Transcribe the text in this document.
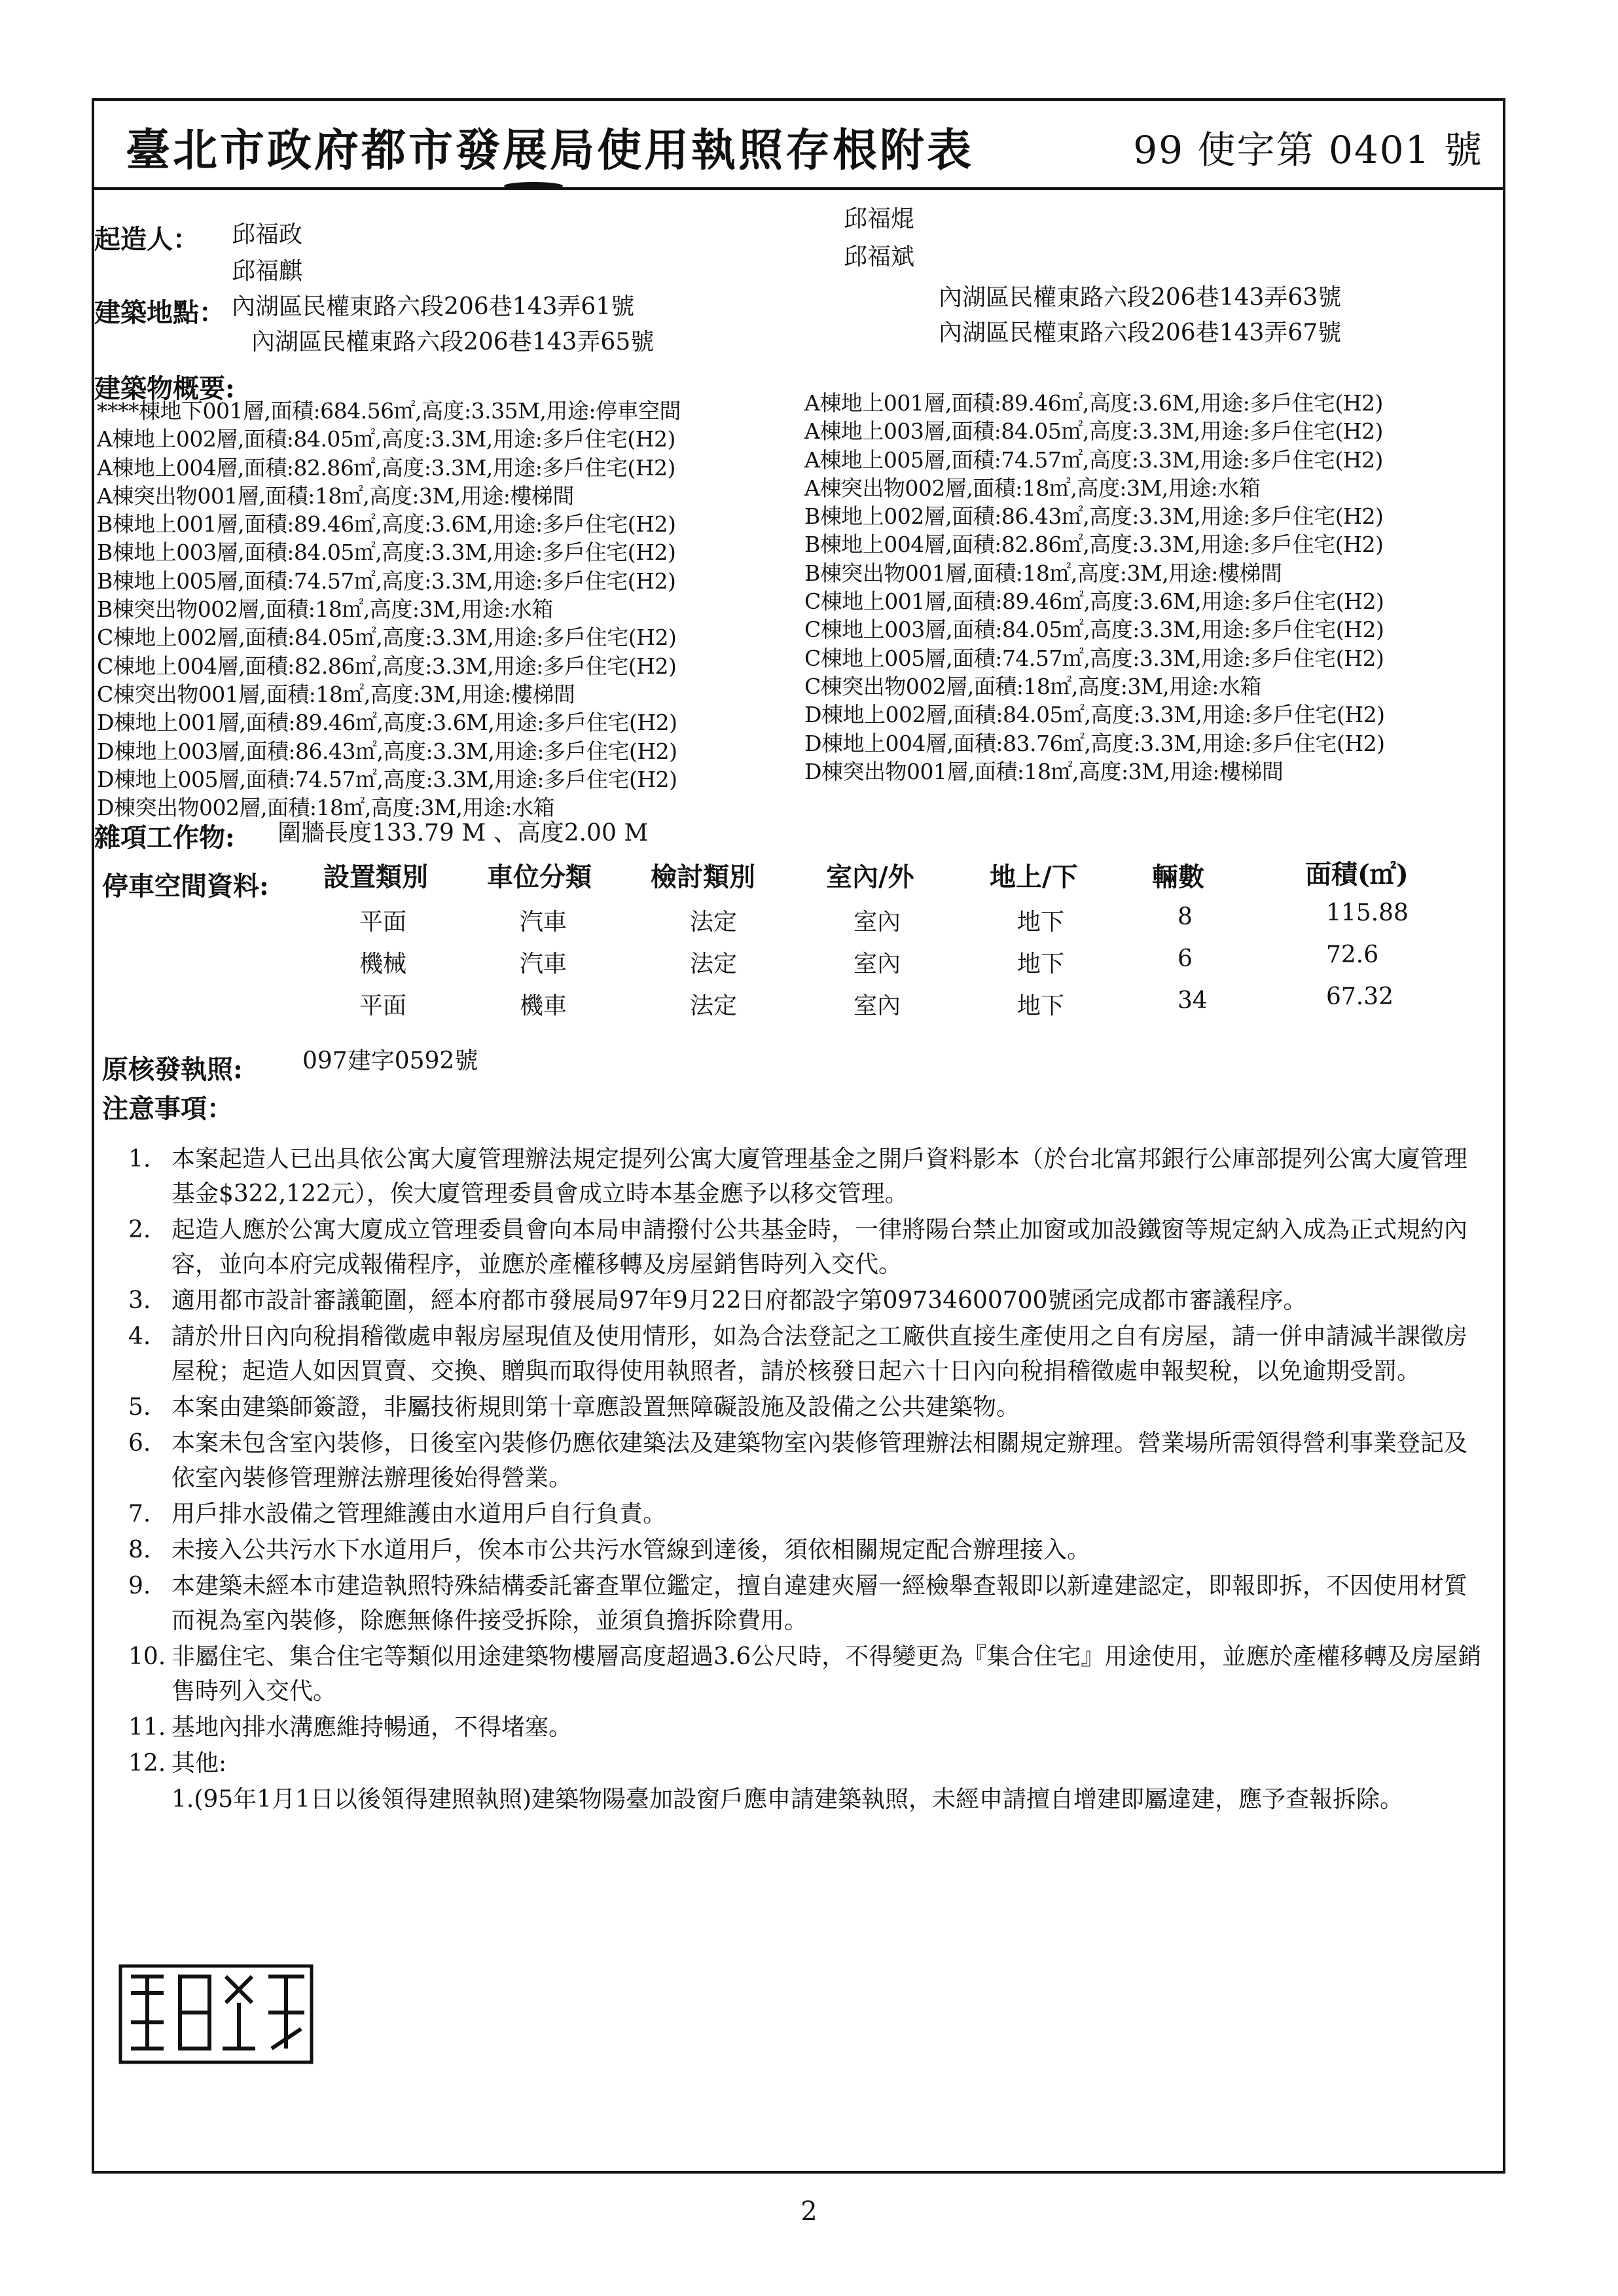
臺北市政府都市發展局使用執照存根附表	99 使字第 0401 號
起造人： 邱福政
邱福麒
邱福焜
邱福斌
建築地點： 內湖區民權東路六段206巷143弄61號
內湖區民權東路六段206巷143弄65號
內湖區民權東路六段206巷143弄63號
內湖區民權東路六段206巷143弄67號
建築物概要:
****棟地下001層,面積:684.56㎡,高度:3.35M,用途:停車空間
A棟地上002層,面積:84.05㎡,高度:3.3M,用途:多戶住宅(H2)
A棟地上004層,面積:82.86㎡,高度:3.3M,用途:多戶住宅(H2)
A棟突出物001層,面積:18㎡,高度:3M,用途:樓梯間
B棟地上001層,面積:89.46㎡,高度:3.6M,用途:多戶住宅(H2)
B棟地上003層,面積:84.05㎡,高度:3.3M,用途:多戶住宅(H2)
B棟地上005層,面積:74.57㎡,高度:3.3M,用途:多戶住宅(H2)
B棟突出物002層,面積:18㎡,高度:3M,用途:水箱
C棟地上002層,面積:84.05㎡,高度:3.3M,用途:多戶住宅(H2)
C棟地上004層,面積:82.86㎡,高度:3.3M,用途:多戶住宅(H2)
C棟突出物001層,面積:18㎡,高度:3M,用途:樓梯間
D棟地上001層,面積:89.46㎡,高度:3.6M,用途:多戶住宅(H2)
D棟地上003層,面積:86.43㎡,高度:3.3M,用途:多戶住宅(H2)
D棟地上005層,面積:74.57㎡,高度:3.3M,用途:多戶住宅(H2)
D棟突出物002層,面積:18㎡,高度:3M,用途:水箱
A棟地上001層,面積:89.46㎡,高度:3.6M,用途:多戶住宅(H2)
A棟地上003層,面積:84.05㎡,高度:3.3M,用途:多戶住宅(H2)
A棟地上005層,面積:74.57㎡,高度:3.3M,用途:多戶住宅(H2)
A棟突出物002層,面積:18㎡,高度:3M,用途:水箱
B棟地上002層,面積:86.43㎡,高度:3.3M,用途:多戶住宅(H2)
B棟地上004層,面積:82.86㎡,高度:3.3M,用途:多戶住宅(H2)
B棟突出物001層,面積:18㎡,高度:3M,用途:樓梯間
C棟地上001層,面積:89.46㎡,高度:3.6M,用途:多戶住宅(H2)
C棟地上003層,面積:84.05㎡,高度:3.3M,用途:多戶住宅(H2)
C棟地上005層,面積:74.57㎡,高度:3.3M,用途:多戶住宅(H2)
C棟突出物002層,面積:18㎡,高度:3M,用途:水箱
D棟地上002層,面積:84.05㎡,高度:3.3M,用途:多戶住宅(H2)
D棟地上004層,面積:83.76㎡,高度:3.3M,用途:多戶住宅(H2)
D棟突出物001層,面積:18㎡,高度:3M,用途:樓梯間
雜項工作物: 圍牆長度133.79 M 、高度2.00 M
停車空間資料: 設置類別 車位分類 檢討類別	室內/外	地上/下	輛數	面積(㎡)
平面	汽車	法定	室內	地下	8	115.88
機械	汽車	法定	室內	地下	6	72.6
平面	機車	法定	室內	地下	34	67.32
原核發執照:	097建字0592號
注意事項：
1. 本案起造人已出具依公寓大廈管理辦法規定提列公寓大廈管理基金之開戶資料影本（於台北富邦銀行公庫部提列公寓大廈管理基金$322,122元），俟大廈管理委員會成立時本基金應予以移交管理。
2. 起造人應於公寓大廈成立管理委員會向本局申請撥付公共基金時，一律將陽台禁止加窗或加設鐵窗等規定納入成為正式規約內容，並向本府完成報備程序，並應於產權移轉及房屋銷售時列入交代。
3. 適用都市設計審議範圍，經本府都市發展局97年9月22日府都設字第09734600700號函完成都市審議程序。
4. 請於卅日內向稅捐稽徵處申報房屋現值及使用情形，如為合法登記之工廠供直接生產使用之自有房屋，請一併申請減半課徵房屋稅；起造人如因買賣、交換、贈與而取得使用執照者，請於核發日起六十日內向稅捐稽徵處申報契稅，以免逾期受罰。
5. 本案由建築師簽證，非屬技術規則第十章應設置無障礙設施及設備之公共建築物。
6. 本案未包含室內裝修，日後室內裝修仍應依建築法及建築物室內裝修管理辦法相關規定辦理。營業場所需領得營利事業登記及依室內裝修管理辦法辦理後始得營業。
7. 用戶排水設備之管理維護由水道用戶自行負責。
8. 未接入公共污水下水道用戶，俟本市公共污水管線到達後，須依相關規定配合辦理接入。
9. 本建築未經本市建造執照特殊結構委託審查單位鑑定，擅自違建夾層一經檢舉查報即以新違建認定，即報即拆，不因使用材質而視為室內裝修，除應無條件接受拆除，並須負擔拆除費用。
10. 非屬住宅、集合住宅等類似用途建築物樓層高度超過3.6公尺時，不得變更為『集合住宅』用途使用，並應於產權移轉及房屋銷售時列入交代。
11. 基地內排水溝應維持暢通，不得堵塞。
12. 其他:
1.(95年1月1日以後領得建照執照)建築物陽臺加設窗戶應申請建築執照，未經申請擅自增建即屬違建，應予查報拆除。
2
